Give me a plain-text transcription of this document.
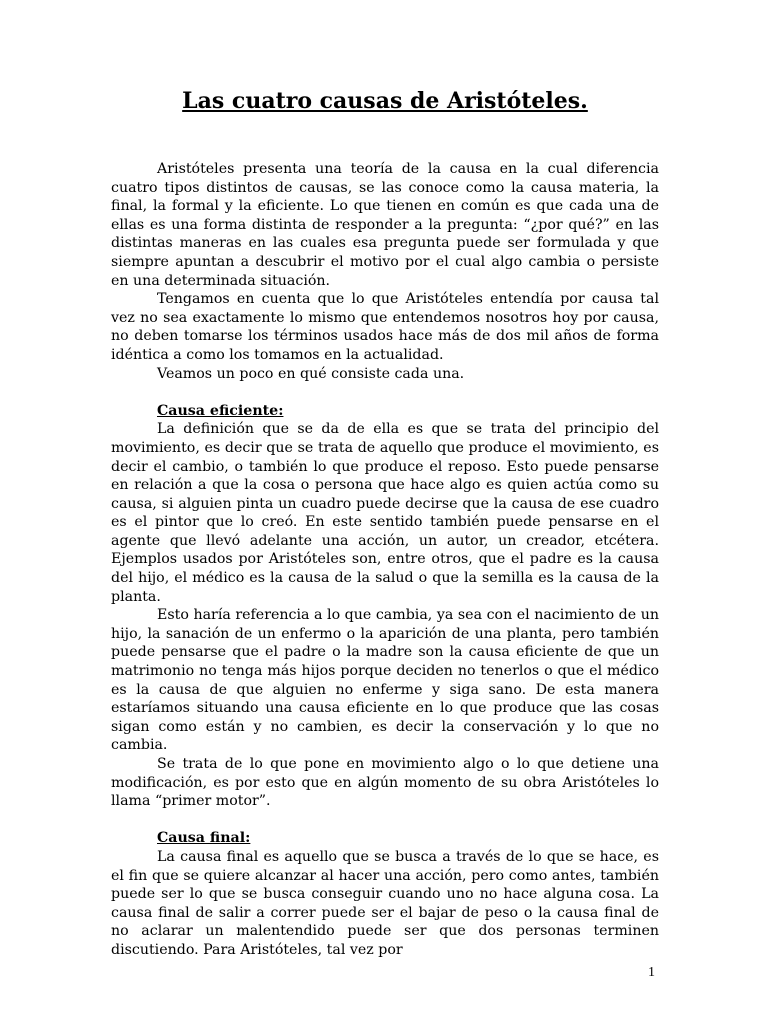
Las cuatro causas de Aristóteles.

Aristóteles presenta una teoría de la causa en la cual diferencia cuatro tipos distintos de causas, se las conoce como la causa materia, la final, la formal y la eficiente. Lo que tienen en común es que cada una de ellas es una forma distinta de responder a la pregunta: “¿por qué?” en las distintas maneras en las cuales esa pregunta puede ser formulada y que siempre apuntan a descubrir el motivo por el cual algo cambia o persiste en una determinada situación.

Tengamos en cuenta que lo que Aristóteles entendía por causa tal vez no sea exactamente lo mismo que entendemos nosotros hoy por causa, no deben tomarse los términos usados hace más de dos mil años de forma idéntica a como los tomamos en la actualidad.

Veamos un poco en qué consiste cada una.

Causa eficiente:

La definición que se da de ella es que se trata del principio del movimiento, es decir que se trata de aquello que produce el movimiento, es decir el cambio, o también lo que produce el reposo. Esto puede pensarse en relación a que la cosa o persona que hace algo es quien actúa como su causa, si alguien pinta un cuadro puede decirse que la causa de ese cuadro es el pintor que lo creó. En este sentido también puede pensarse en el agente que llevó adelante una acción, un autor, un creador, etcétera. Ejemplos usados por Aristóteles son, entre otros, que el padre es la causa del hijo, el médico es la causa de la salud o que la semilla es la causa de la planta.

Esto haría referencia a lo que cambia, ya sea con el nacimiento de un hijo, la sanación de un enfermo o la aparición de una planta, pero también puede pensarse que el padre o la madre son la causa eficiente de que un matrimonio no tenga más hijos porque deciden no tenerlos o que el médico es la causa de que alguien no enferme y siga sano. De esta manera estaríamos situando una causa eficiente en lo que produce que las cosas sigan como están y no cambien, es decir la conservación y lo que no cambia.

Se trata de lo que pone en movimiento algo o lo que detiene una modificación, es por esto que en algún momento de su obra Aristóteles lo llama “primer motor”.

Causa final:

La causa final es aquello que se busca a través de lo que se hace, es el fin que se quiere alcanzar al hacer una acción, pero como antes, también puede ser lo que se busca conseguir cuando uno no hace alguna cosa. La causa final de salir a correr puede ser el bajar de peso o la causa final de no aclarar un malentendido puede ser que dos personas terminen discutiendo. Para Aristóteles, tal vez por

1
